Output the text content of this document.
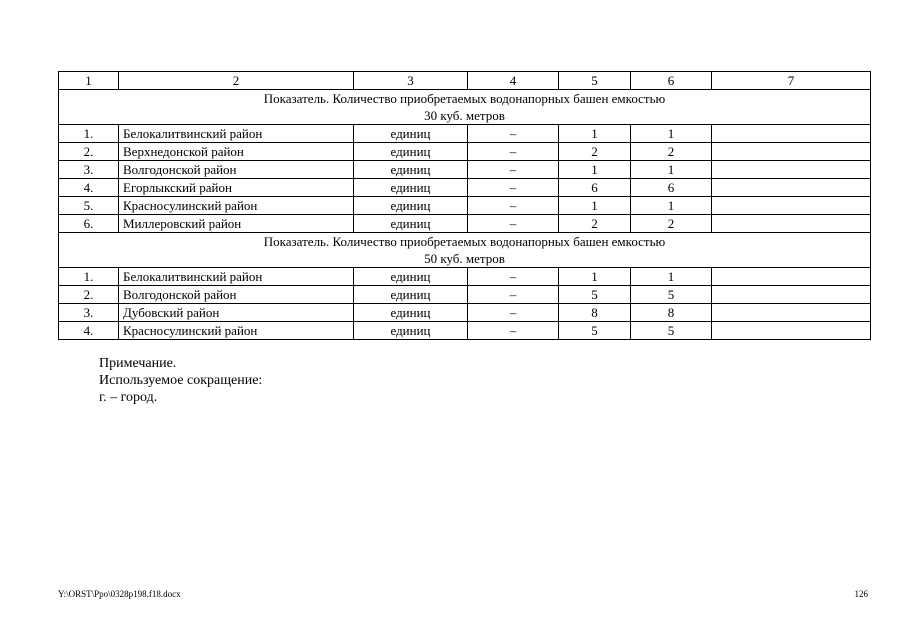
1	2	3	4	5	6	7
Показатель. Количество приобретаемых водонапорных башен емкостью
30 куб. метров						
1.	Белокалитвинский район	единиц	–	1	1	
2.	Верхнедонской район	единиц	–	2	2	
3.	Волгодонской район	единиц	–	1	1	
4.	Егорлыкский район	единиц	–	6	6	
5.	Красносулинский район	единиц	–	1	1	
6.	Миллеровский район	единиц	–	2	2	
Показатель. Количество приобретаемых водонапорных башен емкостью
50 куб. метров						
1.	Белокалитвинский район	единиц	–	1	1	
2.	Волгодонской район	единиц	–	5	5	
3.	Дубовский район	единиц	–	8	8	
4.	Красносулинский район	единиц	–	5	5	
Примечание.
Используемое сокращение:
г. – город.
Y:\ORST\Ppo\0328p198.f18.docx	126
